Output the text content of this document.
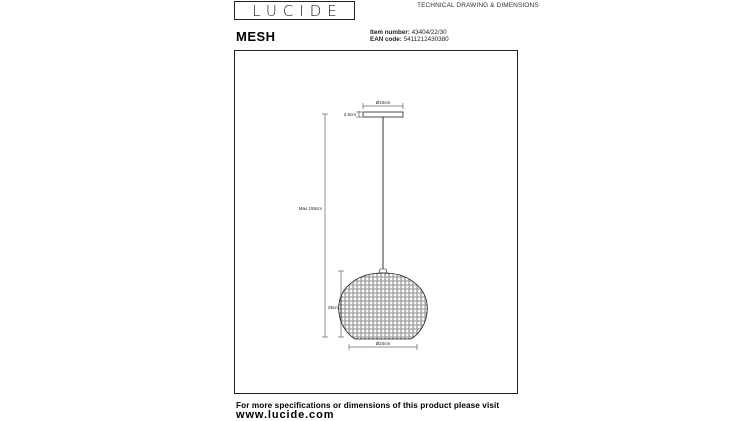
LUCIDE	TECHNICAL DRAWING & DIMENSIONS
MESH	Item number: 43404/22/30
EAN code: 5411212430380
Ø10cm
2.5cm
Max 155cm
25cm
Ø24cm
For more specifications or dimensions of this product please visit
www.lucide.com
